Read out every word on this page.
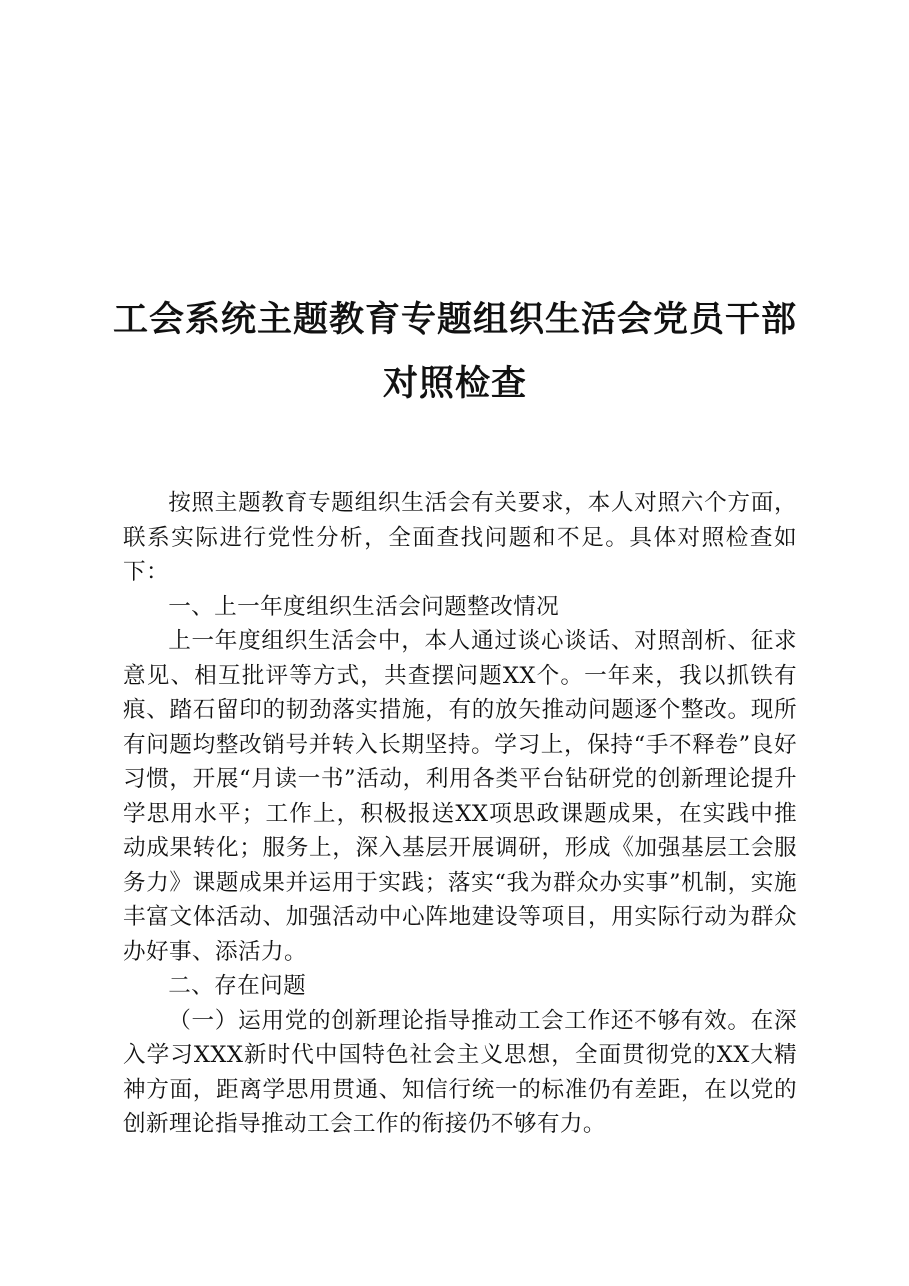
工会系统主题教育专题组织生活会党员干部对照检查

按照主题教育专题组织生活会有关要求，本人对照六个方面，联系实际进行党性分析，全面查找问题和不足。具体对照检查如下：

一、上一年度组织生活会问题整改情况

上一年度组织生活会中，本人通过谈心谈话、对照剖析、征求意见、相互批评等方式，共查摆问题XX个。一年来，我以抓铁有痕、踏石留印的韧劲落实措施，有的放矢推动问题逐个整改。现所有问题均整改销号并转入长期坚持。学习上，保持“手不释卷”良好习惯，开展“月读一书”活动，利用各类平台钻研党的创新理论提升学思用水平；工作上，积极报送XX项思政课题成果，在实践中推动成果转化；服务上，深入基层开展调研，形成《加强基层工会服务力》课题成果并运用于实践；落实“我为群众办实事”机制，实施丰富文体活动、加强活动中心阵地建设等项目，用实际行动为群众办好事、添活力。

二、存在问题

（一）运用党的创新理论指导推动工会工作还不够有效。在深入学习XXX新时代中国特色社会主义思想，全面贯彻党的XX大精神方面，距离学思用贯通、知信行统一的标准仍有差距，在以党的创新理论指导推动工会工作的衔接仍不够有力。
